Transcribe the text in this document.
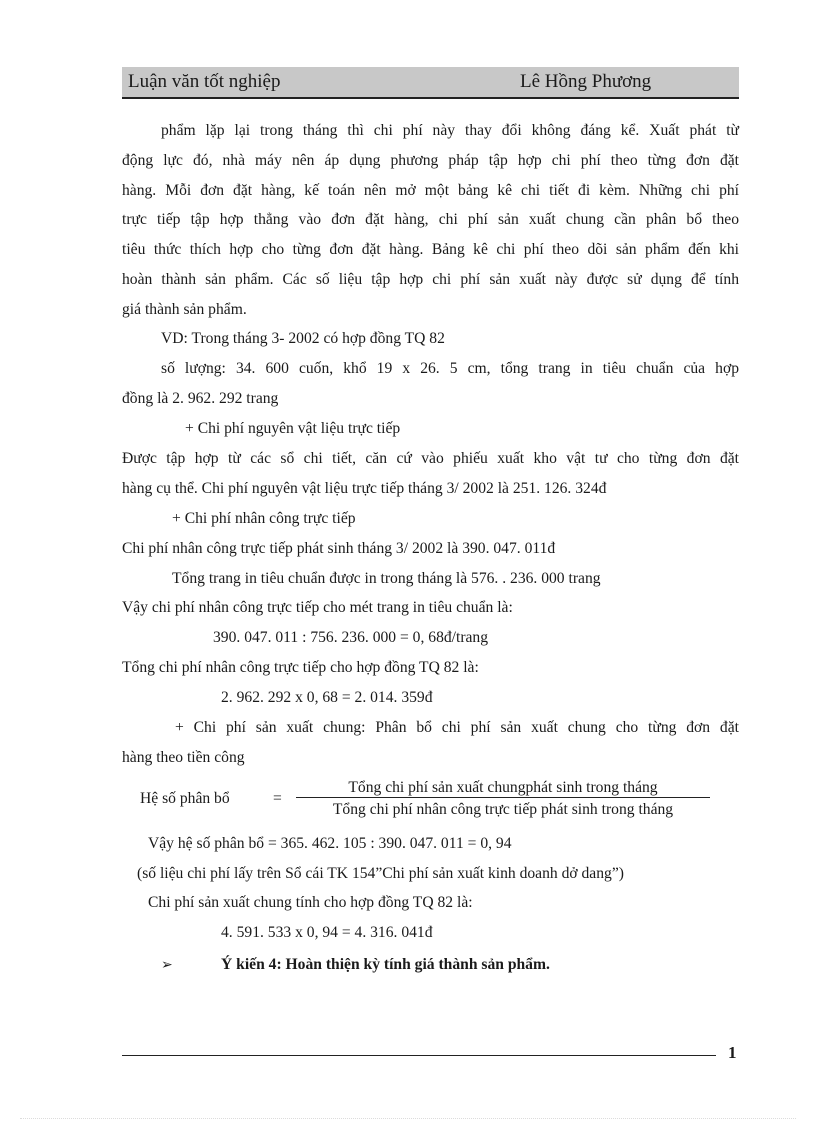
Luận văn tốt nghiệp	Lê Hồng Phương
phẩm lặp lại trong tháng thì chi phí này thay đổi không đáng kể. Xuất phát từ
động lực đó, nhà máy nên áp dụng phương pháp tập hợp chi phí theo từng đơn đặt
hàng. Mỗi đơn đặt hàng, kế toán nên mở một bảng kê chi tiết đi kèm. Những chi phí
trực tiếp tập hợp thẳng vào đơn đặt hàng, chi phí sản xuất chung cần phân bổ theo
tiêu thức thích hợp cho từng đơn đặt hàng. Bảng kê chi phí theo dõi sản phẩm đến khi
hoàn thành sản phẩm. Các số liệu tập hợp chi phí sản xuất này được sử dụng để tính
giá thành sản phẩm.
VD: Trong tháng 3- 2002 có hợp đồng TQ 82
số lượng: 34. 600 cuốn, khổ 19 x 26. 5 cm, tổng trang in tiêu chuẩn của hợp
đồng là 2. 962. 292 trang
+ Chi phí nguyên vật liệu trực tiếp
Được tập hợp từ các sổ chi tiết, căn cứ vào phiếu xuất kho vật tư cho từng đơn đặt
hàng cụ thể. Chi phí nguyên vật liệu trực tiếp tháng 3/ 2002 là 251. 126. 324đ
+ Chi phí nhân công trực tiếp
Chi phí nhân công trực tiếp phát sinh tháng 3/ 2002 là 390. 047. 011đ
Tổng trang in tiêu chuẩn được in trong tháng là 576. . 236. 000 trang
Vậy chi phí nhân công trực tiếp cho mét trang in tiêu chuẩn là:
390. 047. 011 : 756. 236. 000 = 0, 68đ/trang
Tổng chi phí nhân công trực tiếp cho hợp đồng TQ 82 là:
2. 962. 292 x 0, 68 = 2. 014. 359đ
+ Chi phí sản xuất chung: Phân bổ chi phí sản xuất chung cho từng đơn đặt
hàng theo tiền công
Hệ số phân bổ	=
Tổng chi phí sản xuất chungphát sinh trong tháng
Tổng chi phí nhân công trực tiếp phát sinh trong tháng
Vậy hệ số phân bổ = 365. 462. 105 : 390. 047. 011 = 0, 94
(số liệu chi phí lấy trên Sổ cái TK 154”Chi phí sản xuất kinh doanh dở dang”)
Chi phí sản xuất chung tính cho hợp đồng TQ 82 là:
4. 591. 533 x 0, 94 = 4. 316. 041đ
➢	Ý kiến 4: Hoàn thiện kỳ tính giá thành sản phẩm.
1
